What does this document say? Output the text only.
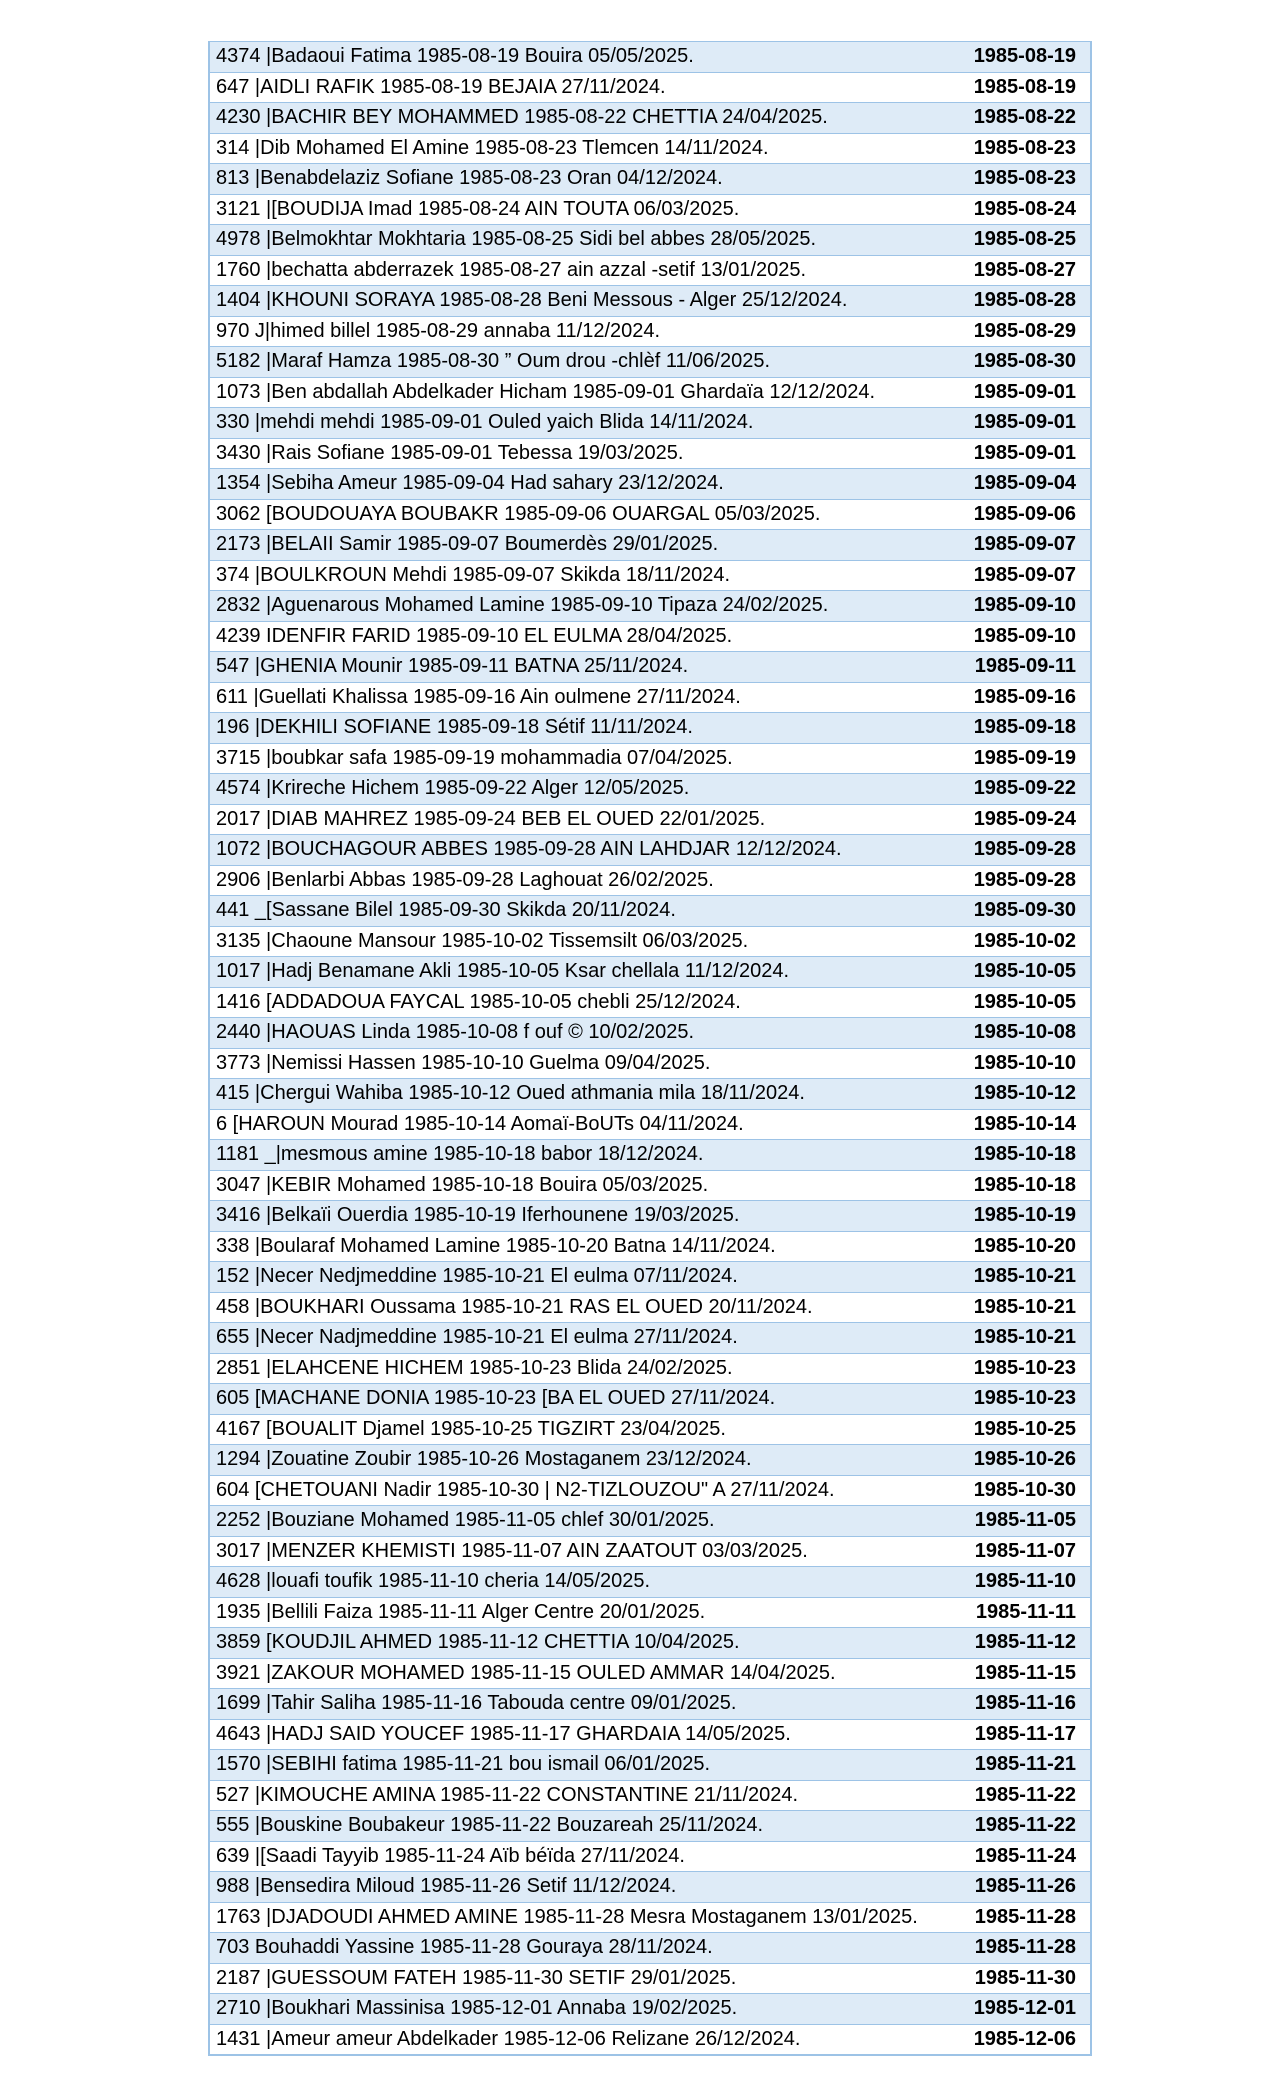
4374 |Badaoui Fatima 1985-08-19 Bouira 05/05/2025.	1985-08-19
647 |AIDLI RAFIK 1985-08-19 BEJAIA 27/11/2024.	1985-08-19
4230 |BACHIR BEY MOHAMMED 1985-08-22 CHETTIA 24/04/2025.	1985-08-22
314 |Dib Mohamed El Amine 1985-08-23 Tlemcen 14/11/2024.	1985-08-23
813 |Benabdelaziz Sofiane 1985-08-23 Oran 04/12/2024.	1985-08-23
3121 |[BOUDIJA Imad 1985-08-24 AIN TOUTA 06/03/2025.	1985-08-24
4978 |Belmokhtar Mokhtaria 1985-08-25 Sidi bel abbes 28/05/2025.	1985-08-25
1760 |bechatta abderrazek 1985-08-27 ain azzal -setif 13/01/2025.	1985-08-27
1404 |KHOUNI SORAYA 1985-08-28 Beni Messous - Alger 25/12/2024.	1985-08-28
970 J|himed billel 1985-08-29 annaba 11/12/2024.	1985-08-29
5182 |Maraf Hamza 1985-08-30 ” Oum drou -chlèf 11/06/2025.	1985-08-30
1073 |Ben abdallah Abdelkader Hicham 1985-09-01 Ghardaïa 12/12/2024.	1985-09-01
330 |mehdi mehdi 1985-09-01 Ouled yaich Blida 14/11/2024.	1985-09-01
3430 |Rais Sofiane 1985-09-01 Tebessa 19/03/2025.	1985-09-01
1354 |Sebiha Ameur 1985-09-04 Had sahary 23/12/2024.	1985-09-04
3062 [BOUDOUAYA BOUBAKR 1985-09-06 OUARGAL 05/03/2025.	1985-09-06
2173 |BELAII Samir 1985-09-07 Boumerdès 29/01/2025.	1985-09-07
374 |BOULKROUN Mehdi 1985-09-07 Skikda 18/11/2024.	1985-09-07
2832 |Aguenarous Mohamed Lamine 1985-09-10 Tipaza 24/02/2025.	1985-09-10
4239 IDENFIR FARID 1985-09-10 EL EULMA 28/04/2025.	1985-09-10
547 |GHENIA Mounir 1985-09-11 BATNA 25/11/2024.	1985-09-11
611 |Guellati Khalissa 1985-09-16 Ain oulmene 27/11/2024.	1985-09-16
196 |DEKHILI SOFIANE 1985-09-18 Sétif 11/11/2024.	1985-09-18
3715 |boubkar safa 1985-09-19 mohammadia 07/04/2025.	1985-09-19
4574 |Krireche Hichem 1985-09-22 Alger 12/05/2025.	1985-09-22
2017 |DIAB MAHREZ 1985-09-24 BEB EL OUED 22/01/2025.	1985-09-24
1072 |BOUCHAGOUR ABBES 1985-09-28 AIN LAHDJAR 12/12/2024.	1985-09-28
2906 |Benlarbi Abbas 1985-09-28 Laghouat 26/02/2025.	1985-09-28
441 _[Sassane Bilel 1985-09-30 Skikda 20/11/2024.	1985-09-30
3135 |Chaoune Mansour 1985-10-02 Tissemsilt 06/03/2025.	1985-10-02
1017 |Hadj Benamane Akli 1985-10-05 Ksar chellala 11/12/2024.	1985-10-05
1416 [ADDADOUA FAYCAL 1985-10-05 chebli 25/12/2024.	1985-10-05
2440 |HAOUAS Linda 1985-10-08 f ouf © 10/02/2025.	1985-10-08
3773 |Nemissi Hassen 1985-10-10 Guelma 09/04/2025.	1985-10-10
415 |Chergui Wahiba 1985-10-12 Oued athmania mila 18/11/2024.	1985-10-12
6 [HAROUN Mourad 1985-10-14 Aomaï-BoUTs 04/11/2024.	1985-10-14
1181 _|mesmous amine 1985-10-18 babor 18/12/2024.	1985-10-18
3047 |KEBIR Mohamed 1985-10-18 Bouira 05/03/2025.	1985-10-18
3416 |Belkaïi Ouerdia 1985-10-19 Iferhounene 19/03/2025.	1985-10-19
338 |Boularaf Mohamed Lamine 1985-10-20 Batna 14/11/2024.	1985-10-20
152 |Necer Nedjmeddine 1985-10-21 El eulma 07/11/2024.	1985-10-21
458 |BOUKHARI Oussama 1985-10-21 RAS EL OUED 20/11/2024.	1985-10-21
655 |Necer Nadjmeddine 1985-10-21 El eulma 27/11/2024.	1985-10-21
2851 |ELAHCENE HICHEM 1985-10-23 Blida 24/02/2025.	1985-10-23
605 [MACHANE DONIA 1985-10-23 [BA EL OUED 27/11/2024.	1985-10-23
4167 [BOUALIT Djamel 1985-10-25 TIGZIRT 23/04/2025.	1985-10-25
1294 |Zouatine Zoubir 1985-10-26 Mostaganem 23/12/2024.	1985-10-26
604 [CHETOUANI Nadir 1985-10-30 | N2-TIZLOUZOU" A 27/11/2024.	1985-10-30
2252 |Bouziane Mohamed 1985-11-05 chlef 30/01/2025.	1985-11-05
3017 |MENZER KHEMISTI 1985-11-07 AIN ZAATOUT 03/03/2025.	1985-11-07
4628 |louafi toufik 1985-11-10 cheria 14/05/2025.	1985-11-10
1935 |Bellili Faiza 1985-11-11 Alger Centre 20/01/2025.	1985-11-11
3859 [KOUDJIL AHMED 1985-11-12 CHETTIA 10/04/2025.	1985-11-12
3921 |ZAKOUR MOHAMED 1985-11-15 OULED AMMAR 14/04/2025.	1985-11-15
1699 |Tahir Saliha 1985-11-16 Tabouda centre 09/01/2025.	1985-11-16
4643 |HADJ SAID YOUCEF 1985-11-17 GHARDAIA 14/05/2025.	1985-11-17
1570 |SEBIHI fatima 1985-11-21 bou ismail 06/01/2025.	1985-11-21
527 |KIMOUCHE AMINA 1985-11-22 CONSTANTINE 21/11/2024.	1985-11-22
555 |Bouskine Boubakeur 1985-11-22 Bouzareah 25/11/2024.	1985-11-22
639 |[Saadi Tayyib 1985-11-24 Aïb béïda 27/11/2024.	1985-11-24
988 |Bensedira Miloud 1985-11-26 Setif 11/12/2024.	1985-11-26
1763 |DJADOUDI AHMED AMINE 1985-11-28 Mesra Mostaganem 13/01/2025.	1985-11-28
703 Bouhaddi Yassine 1985-11-28 Gouraya 28/11/2024.	1985-11-28
2187 |GUESSOUM FATEH 1985-11-30 SETIF 29/01/2025.	1985-11-30
2710 |Boukhari Massinisa 1985-12-01 Annaba 19/02/2025.	1985-12-01
1431 |Ameur ameur Abdelkader 1985-12-06 Relizane 26/12/2024.	1985-12-06
